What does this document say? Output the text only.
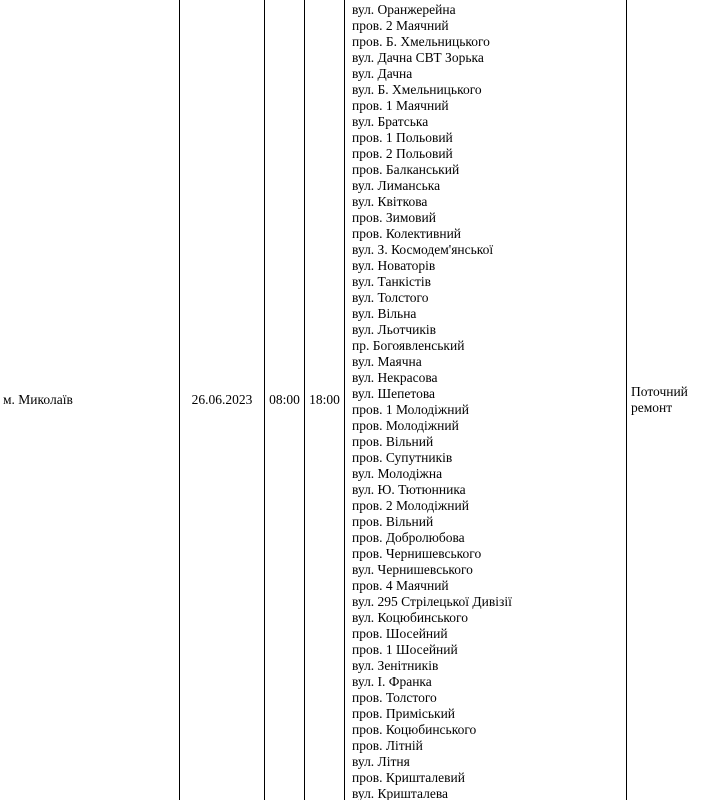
м. Миколаїв	26.06.2023 08:00 18:00
вул. Оранжерейна
пров. 2 Маячний
пров. Б. Хмельницького
вул. Дачна СВТ Зорька
вул. Дачна
вул. Б. Хмельницького
пров. 1 Маячний
вул. Братська
пров. 1 Польовий
пров. 2 Польовий
пров. Балканський
вул. Лиманська
вул. Квіткова
пров. Зимовий
пров. Колективний
вул. З. Космодем'янської
вул. Новаторів
вул. Танкістів
вул. Толстого
вул. Вільна
вул. Льотчиків
пр. Богоявленський
вул. Маячна
вул. Некрасова
вул. Шепетова
пров. 1 Молодіжний
пров. Молодіжний
пров. Вільний
пров. Супутників
вул. Молодіжна
вул. Ю. Тютюнника
пров. 2 Молодіжний
пров. Вільний
пров. Добролюбова
пров. Чернишевського
вул. Чернишевського
пров. 4 Маячний
вул. 295 Стрілецької Дивізії
вул. Коцюбинського
пров. Шосейний
пров. 1 Шосейний
вул. Зенітників
вул. І. Франка
пров. Толстого
пров. Приміський
пров. Коцюбинського
пров. Літній
вул. Літня
пров. Кришталевий
вул. Кришталева
Поточний ремонт
